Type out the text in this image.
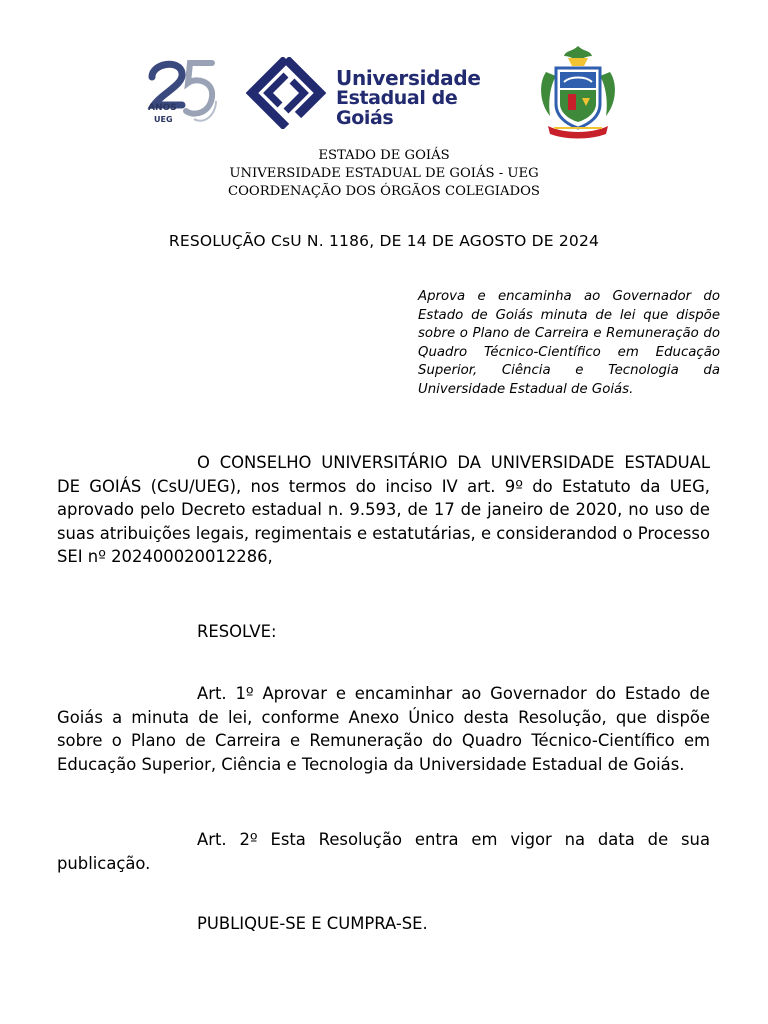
ANOS
UEG
Universidade
Estadual de Goiás
ESTADO DE GOIÁS
UNIVERSIDADE ESTADUAL DE GOIÁS - UEG
COORDENAÇÃO DOS ÓRGÃOS COLEGIADOS
RESOLUÇÃO CsU N. 1186, DE 14 DE AGOSTO DE 2024
Aprova e encaminha ao Governador do Estado de Goiás minuta de lei que dispõe sobre o Plano de Carreira e Remuneração do Quadro Técnico-Científico em Educação Superior, Ciência e Tecnologia da Universidade Estadual de Goiás.
O CONSELHO UNIVERSITÁRIO DA UNIVERSIDADE ESTADUAL DE GOIÁS (CsU/UEG), nos termos do inciso IV art. 9º do Estatuto da UEG, aprovado pelo Decreto estadual n. 9.593, de 17 de janeiro de 2020, no uso de suas atribuições legais, regimentais e estatutárias, e considerandod o Processo SEI nº 202400020012286,
RESOLVE:
Art. 1º Aprovar e encaminhar ao Governador do Estado de Goiás a minuta de lei, conforme Anexo Único desta Resolução, que dispõe sobre o Plano de Carreira e Remuneração do Quadro Técnico-Científico em Educação Superior, Ciência e Tecnologia da Universidade Estadual de Goiás.
Art. 2º Esta Resolução entra em vigor na data de sua publicação.
PUBLIQUE-SE E CUMPRA-SE.
